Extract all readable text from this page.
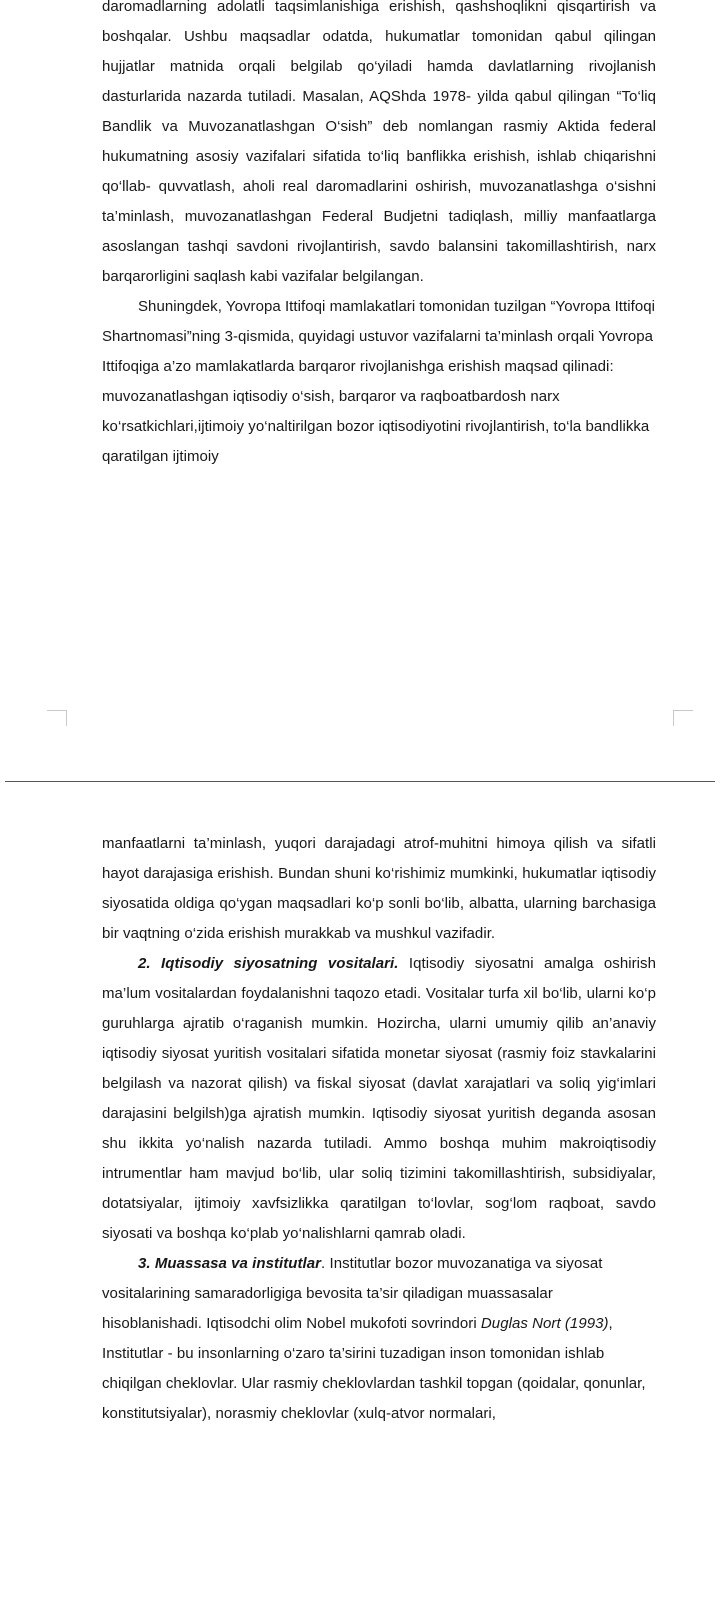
daromadlarning adolatli taqsimlanishiga erishish, qashshoqlikni qisqartirish va boshqalar. Ushbu maqsadlar odatda, hukumatlar tomonidan qabul qilingan hujjatlar matnida orqali belgilab qo‘yiladi hamda davlatlarning rivojlanish dasturlarida nazarda tutiladi. Masalan, AQShda 1978- yilda qabul qilingan “To‘liq Bandlik va Muvozanatlashgan O‘sish” deb nomlangan rasmiy Aktida federal hukumatning asosiy vazifalari sifatida to‘liq banflikka erishish, ishlab chiqarishni qo‘llab- quvvatlash, aholi real daromadlarini oshirish, muvozanatlashga o‘sishni ta’minlash, muvozanatlashgan Federal Budjetni tadiqlash, milliy manfaatlarga asoslangan tashqi savdoni rivojlantirish, savdo balansini takomillashtirish, narx barqarorligini saqlash kabi vazifalar belgilangan.

Shuningdek, Yovropa Ittifoqi mamlakatlari tomonidan tuzilgan “Yovropa Ittifoqi Shartnomasi”ning 3-qismida, quyidagi ustuvor vazifalarni ta’minlash orqali Yovropa Ittifoqiga a’zo mamlakatlarda barqaror rivojlanishga erishish maqsad qilinadi: muvozanatlashgan iqtisodiy o‘sish, barqaror va raqboatbardosh narx ko‘rsatkichlari,ijtimoiy yo‘naltirilgan bozor iqtisodiyotini rivojlantirish, to‘la bandlikka qaratilgan ijtimoiy

manfaatlarni ta’minlash, yuqori darajadagi atrof-muhitni himoya qilish va sifatli hayot darajasiga erishish. Bundan shuni ko‘rishimiz mumkinki, hukumatlar iqtisodiy siyosatida oldiga qo‘ygan maqsadlari ko‘p sonli bo‘lib, albatta, ularning barchasiga bir vaqtning o‘zida erishish murakkab va mushkul vazifadir.

2. Iqtisodiy siyosatning vositalari. Iqtisodiy siyosatni amalga oshirish ma’lum vositalardan foydalanishni taqozo etadi. Vositalar turfa xil bo‘lib, ularni ko‘p guruhlarga ajratib o‘raganish mumkin. Hozircha, ularni umumiy qilib an’anaviy iqtisodiy siyosat yuritish vositalari sifatida monetar siyosat (rasmiy foiz stavkalarini belgilash va nazorat qilish) va fiskal siyosat (davlat xarajatlari va soliq yig‘imlari darajasini belgilsh)ga ajratish mumkin. Iqtisodiy siyosat yuritish deganda asosan shu ikkita yo‘nalish nazarda tutiladi. Ammo boshqa muhim makroiqtisodiy intrumentlar ham mavjud bo‘lib, ular soliq tizimini takomillashtirish, subsidiyalar, dotatsiyalar, ijtimoiy xavfsizlikka qaratilgan to‘lovlar, sog‘lom raqboat, savdo siyosati va boshqa ko‘plab yo‘nalishlarni qamrab oladi.

3. Muassasa va institutlar. Institutlar bozor muvozanatiga va siyosat vositalarining samaradorligiga bevosita ta’sir qiladigan muassasalar hisoblanishadi. Iqtisodchi olim Nobel mukofoti sovrindori Duglas Nort (1993), Institutlar - bu insonlarning o‘zaro ta’sirini tuzadigan inson tomonidan ishlab chiqilgan cheklovlar. Ular rasmiy cheklovlardan tashkil topgan (qoidalar, qonunlar, konstitutsiyalar), norasmiy cheklovlar (xulq-atvor normalari,
